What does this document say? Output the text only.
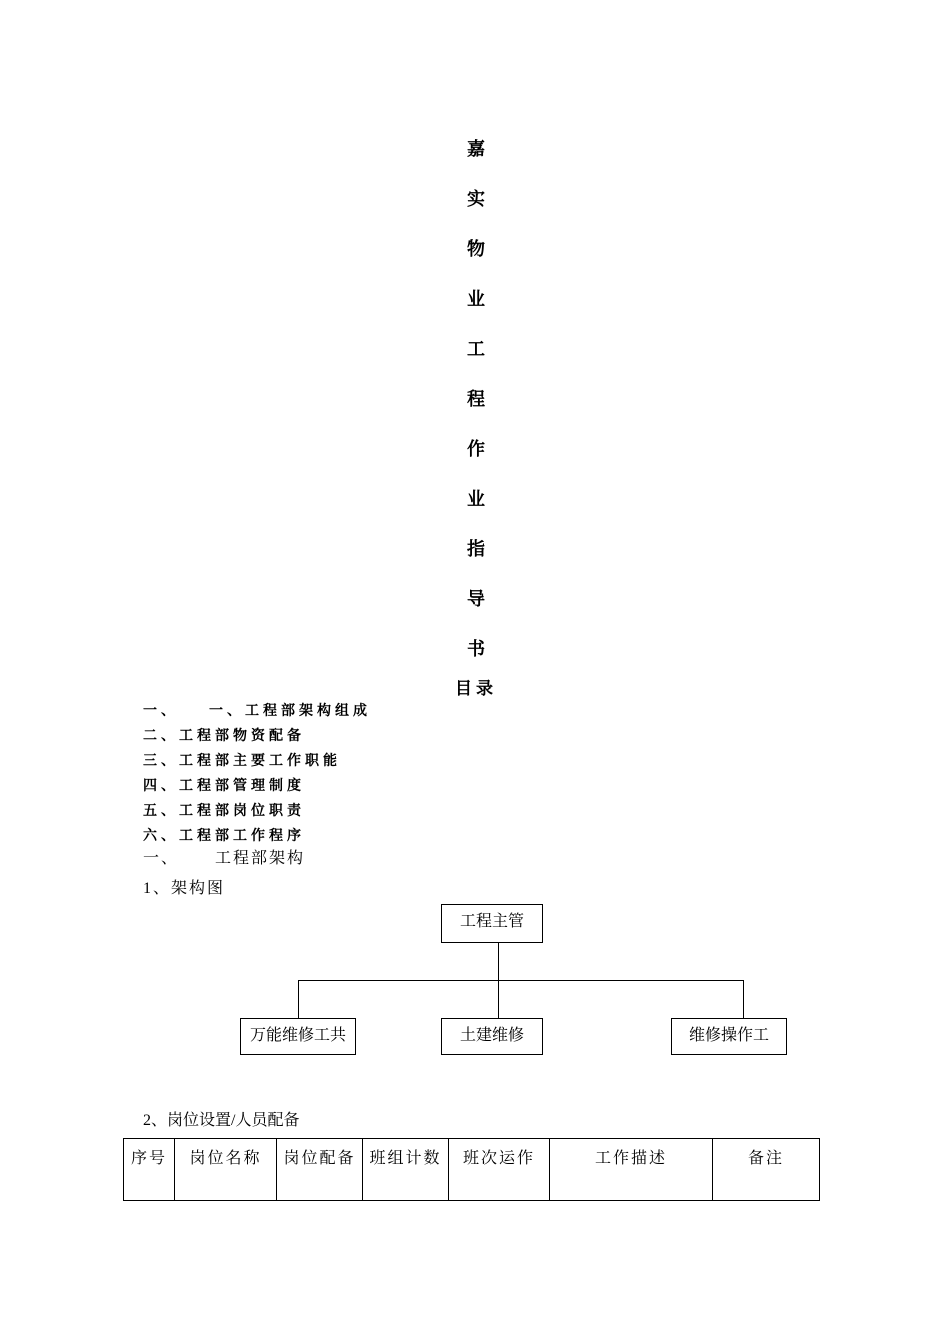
嘉
实
物
业
工
程
作
业
指
导
书
目录
一、 一、工程部架构组成
二、工程部物资配备
三、工程部主要工作职能
四、工程部管理制度
五、工程部岗位职责
六、工程部工作程序
一、 工程部架构
1、架构图
工程主管
万能维修工共	土建维修	维修操作工
2、岗位设置/人员配备
序号	岗位名称	岗位配备	班组计数	班次运作	工作描述	备注
